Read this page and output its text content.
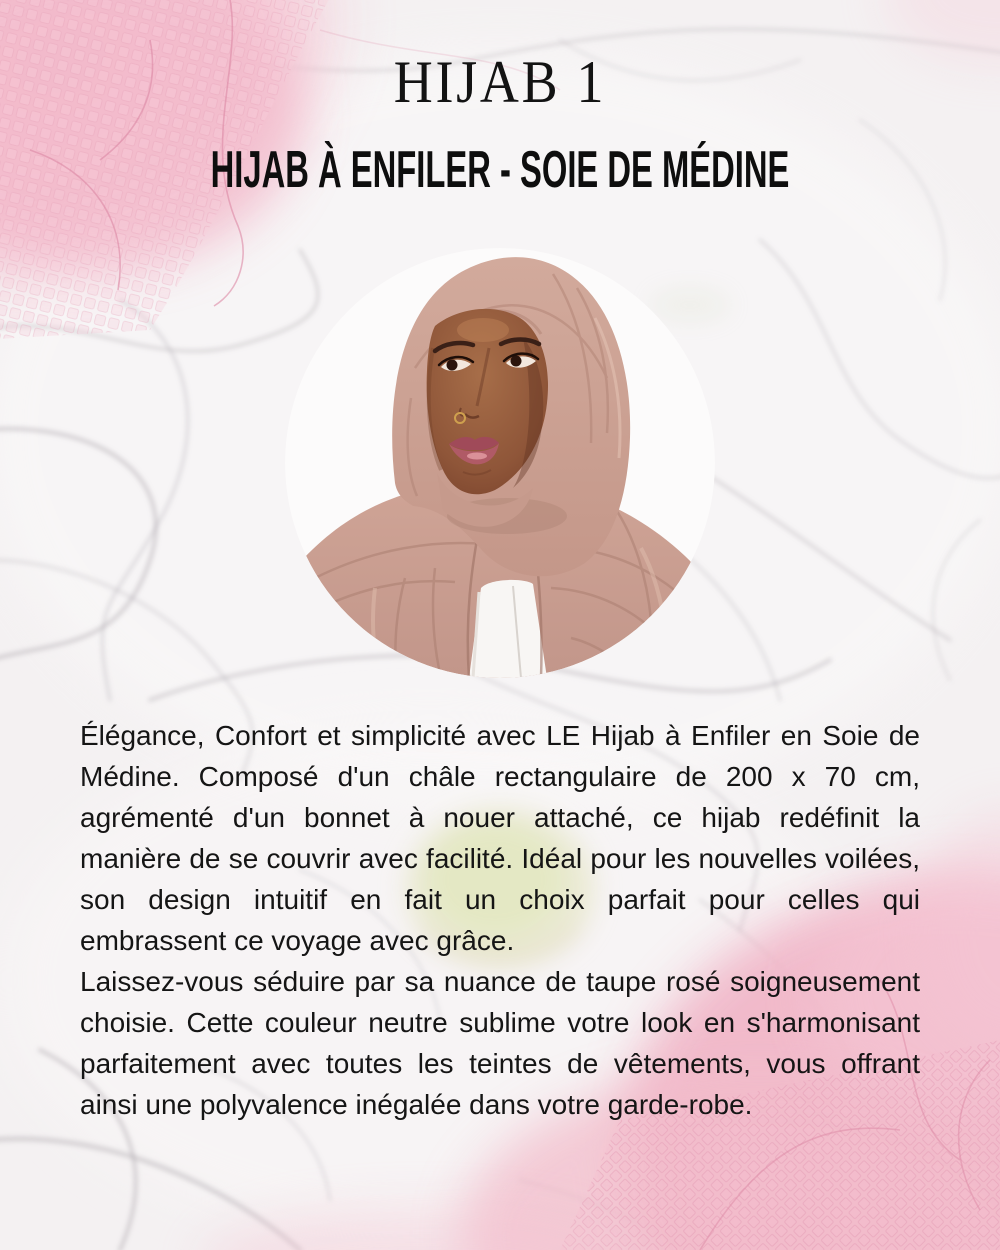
HIJAB 1
HIJAB À ENFILER - SOIE DE MÉDINE

Élégance, Confort et simplicité avec LE Hijab à Enfiler en Soie de Médine. Composé d'un châle rectangulaire de 200 x 70 cm, agrémenté d'un bonnet à nouer attaché, ce hijab redéfinit la manière de se couvrir avec facilité. Idéal pour les nouvelles voilées, son design intuitif en fait un choix parfait pour celles qui embrassent ce voyage avec grâce.

Laissez-vous séduire par sa nuance de taupe rosé soigneusement choisie. Cette couleur neutre sublime votre look en s'harmonisant parfaitement avec toutes les teintes de vêtements, vous offrant ainsi une polyvalence inégalée dans votre garde-robe.
